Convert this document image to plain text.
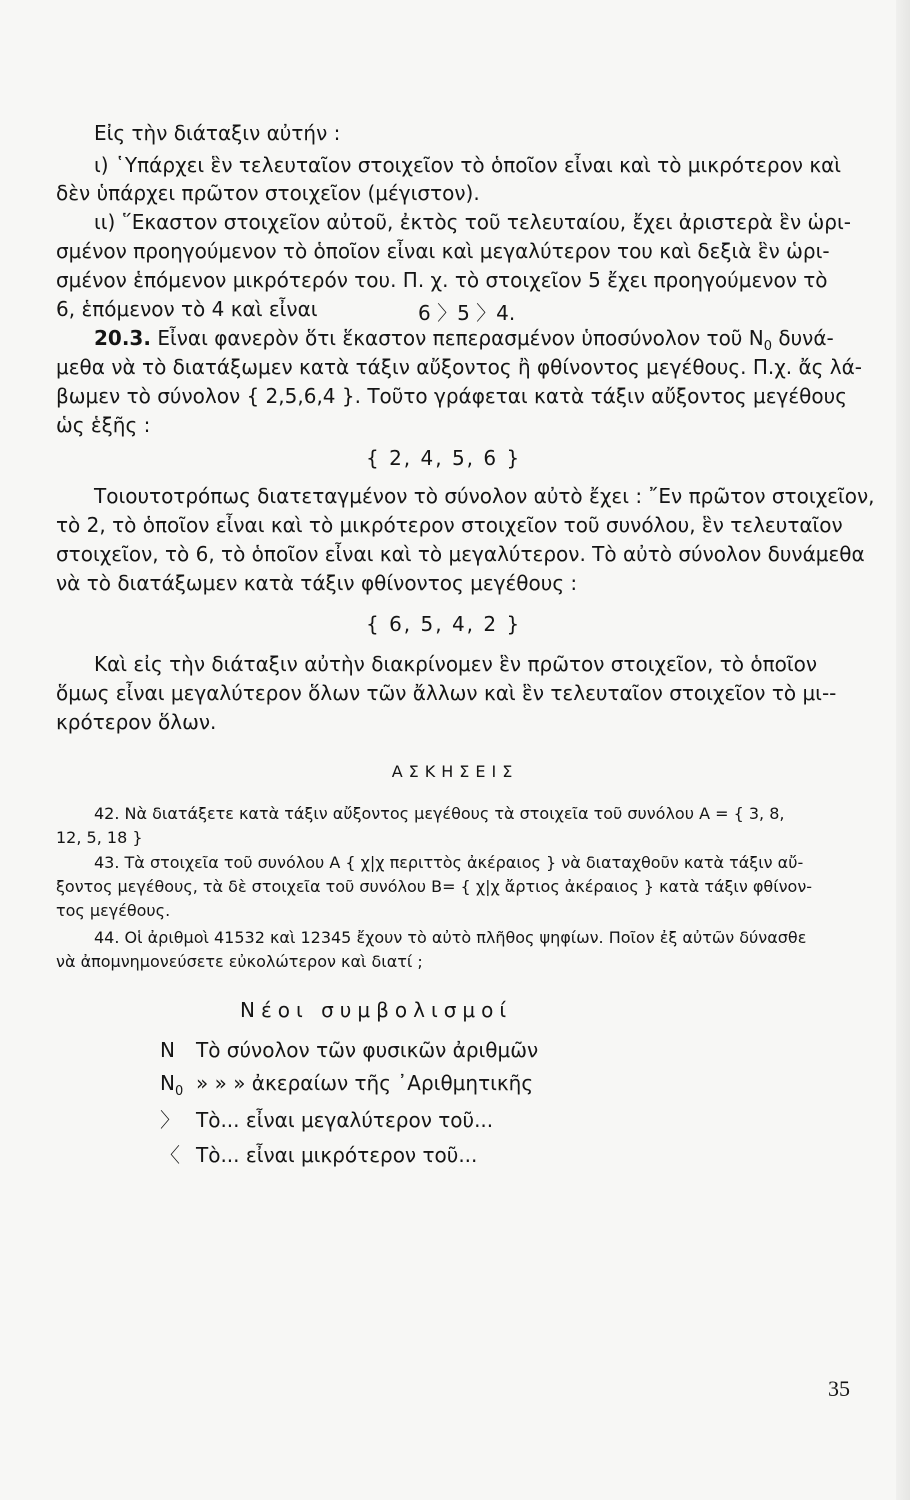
Εἰς τὴν διάταξιν αὐτήν :
ι) ῾Υπάρχει ἓν τελευταῖον στοιχεῖον τὸ ὁποῖον εἶναι καὶ τὸ μικρότερον καὶ
δὲν ὑπάρχει πρῶτον στοιχεῖον (μέγιστον).
ιι) ῞Εκαστον στοιχεῖον αὐτοῦ, ἐκτὸς τοῦ τελευταίου, ἔχει ἀριστερὰ ἓν ὡρι-
σμένον προηγούμενον τὸ ὁποῖον εἶναι καὶ μεγαλύτερον του καὶ δεξιὰ ἓν ὡρι-
σμένον ἑπόμενον μικρότερόν του. Π. χ. τὸ στοιχεῖον 5 ἔχει προηγούμενον τὸ
6, ἑπόμενον τὸ 4 καὶ εἶναι	6 〉5 〉4.
20.3. Εἶναι φανερὸν ὅτι ἕκαστον πεπερασμένον ὑποσύνολον τοῦ $N_0$ δυνά-
μεθα νὰ τὸ διατάξωμεν κατὰ τάξιν αὔξοντος ἢ φθίνοντος μεγέθους. Π.χ. ἄς λά-
βωμεν τὸ σύνολον { 2,5,6,4 }. Τοῦτο γράφεται κατὰ τάξιν αὔξοντος μεγέθους
ὡς ἑξῆς :
{ 2, 4, 5, 6 }
Τοιουτοτρόπως διατεταγμένον τὸ σύνολον αὐτὸ ἔχει : ῎Εν πρῶτον στοιχεῖον,
τὸ 2, τὸ ὁποῖον εἶναι καὶ τὸ μικρότερον στοιχεῖον τοῦ συνόλου, ἓν τελευταῖον
στοιχεῖον, τὸ 6, τὸ ὁποῖον εἶναι καὶ τὸ μεγαλύτερον. Τὸ αὐτὸ σύνολον δυνάμεθα
νὰ τὸ διατάξωμεν κατὰ τάξιν φθίνοντος μεγέθους :
{ 6, 5, 4, 2 }
Καὶ εἰς τὴν διάταξιν αὐτὴν διακρίνομεν ἓν πρῶτον στοιχεῖον, τὸ ὁποῖον
ὅμως εἶναι μεγαλύτερον ὅλων τῶν ἄλλων καὶ ἓν τελευταῖον στοιχεῖον τὸ μι--
κρότερον ὅλων.
ΑΣΚΗΣΕΙΣ
42. Νὰ διατάξετε κατὰ τάξιν αὔξοντος μεγέθους τὰ στοιχεῖα τοῦ συνόλου Α = { 3, 8,
12, 5, 18 }
43. Τὰ στοιχεῖα τοῦ συνόλου Α { χ|χ περιττὸς ἀκέραιος } νὰ διαταχθοῦν κατὰ τάξιν αὔ-
ξοντος μεγέθους, τὰ δὲ στοιχεῖα τοῦ συνόλου Β= { χ|χ ἄρτιος ἀκέραιος } κατὰ τάξιν φθίνον-
τος μεγέθους.
44. Οἱ ἀριθμοὶ 41532 καὶ 12345 ἔχουν τὸ αὐτὸ πλῆθος ψηφίων. Ποῖον ἐξ αὐτῶν δύνασθε
νὰ ἀπομνημονεύσετε εὐκολώτερον καὶ διατί ;
Νέοι συμβολισμοί
N Τὸ σύνολον τῶν φυσικῶν ἀριθμῶν
$N_0$ » » » ἀκεραίων τῆς ᾽Αριθμητικῆς
〉 Τὸ... εἶναι μεγαλύτερον τοῦ...
〈 Τὸ... εἶναι μικρότερον τοῦ...
35
